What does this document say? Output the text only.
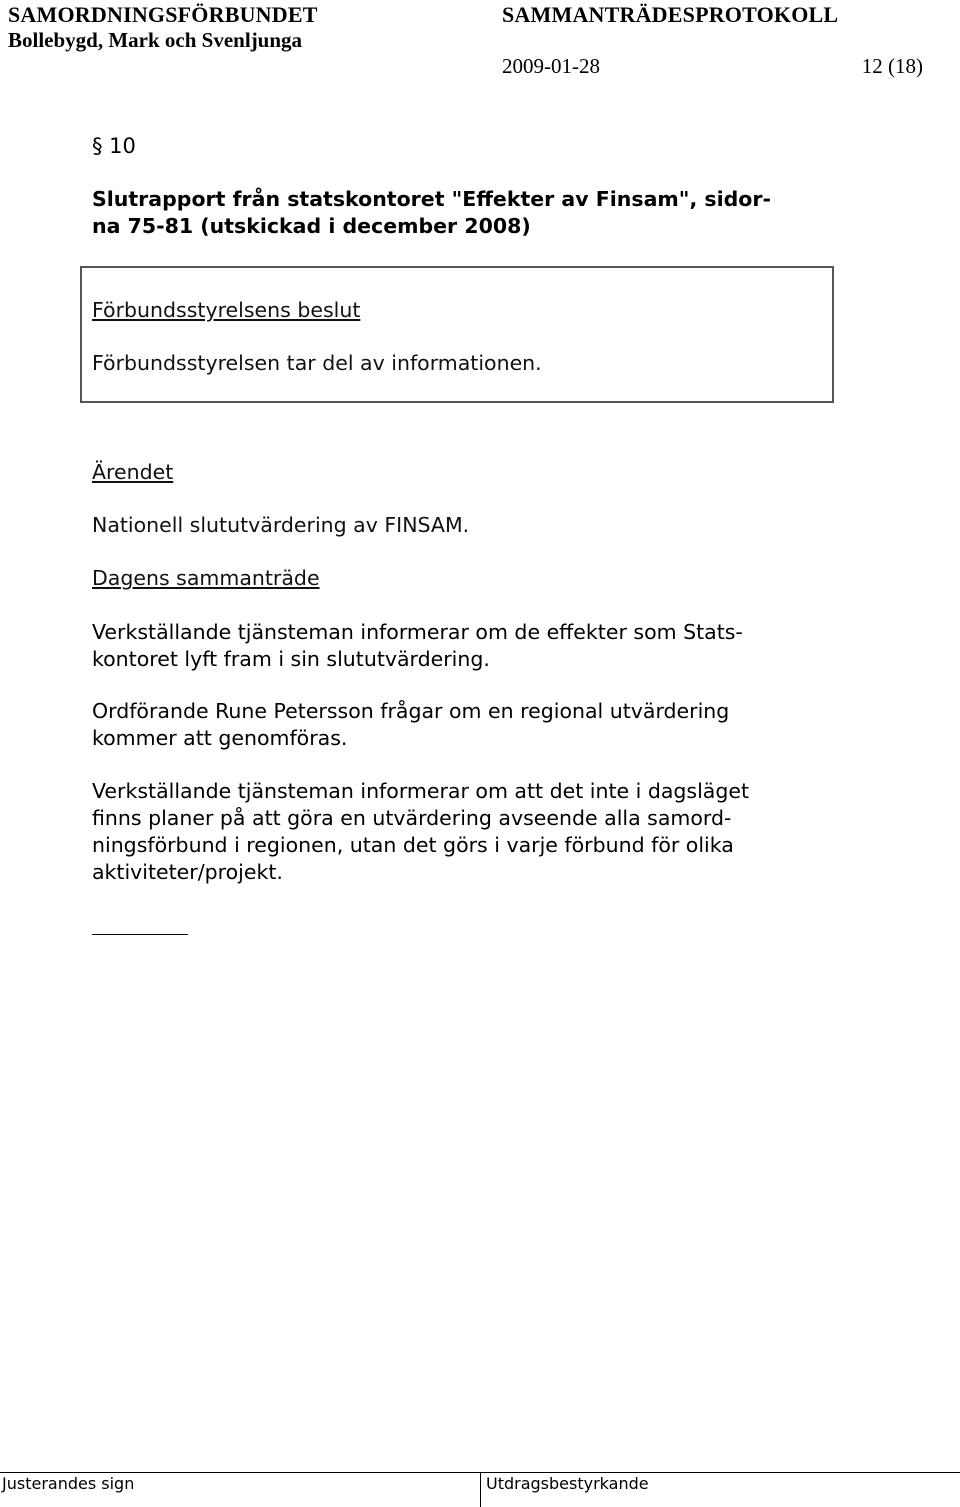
SAMORDNINGSFÖRBUNDET
Bollebygd, Mark och Svenljunga
SAMMANTRÄDESPROTOKOLL
2009-01-28	12 (18)
§ 10
Slutrapport från statskontoret "Effekter av Finsam", sidor-
na 75-81 (utskickad i december 2008)
Förbundsstyrelsens beslut
Förbundsstyrelsen tar del av informationen.
Ärendet
Nationell slututvärdering av FINSAM.
Dagens sammanträde
Verkställande tjänsteman informerar om de effekter som Stats-
kontoret lyft fram i sin slututvärdering.
Ordförande Rune Petersson frågar om en regional utvärdering
kommer att genomföras.
Verkställande tjänsteman informerar om att det inte i dagsläget
finns planer på att göra en utvärdering avseende alla samord-
ningsförbund i regionen, utan det görs i varje förbund för olika
aktiviteter/projekt.
Justerandes sign	Utdragsbestyrkande
